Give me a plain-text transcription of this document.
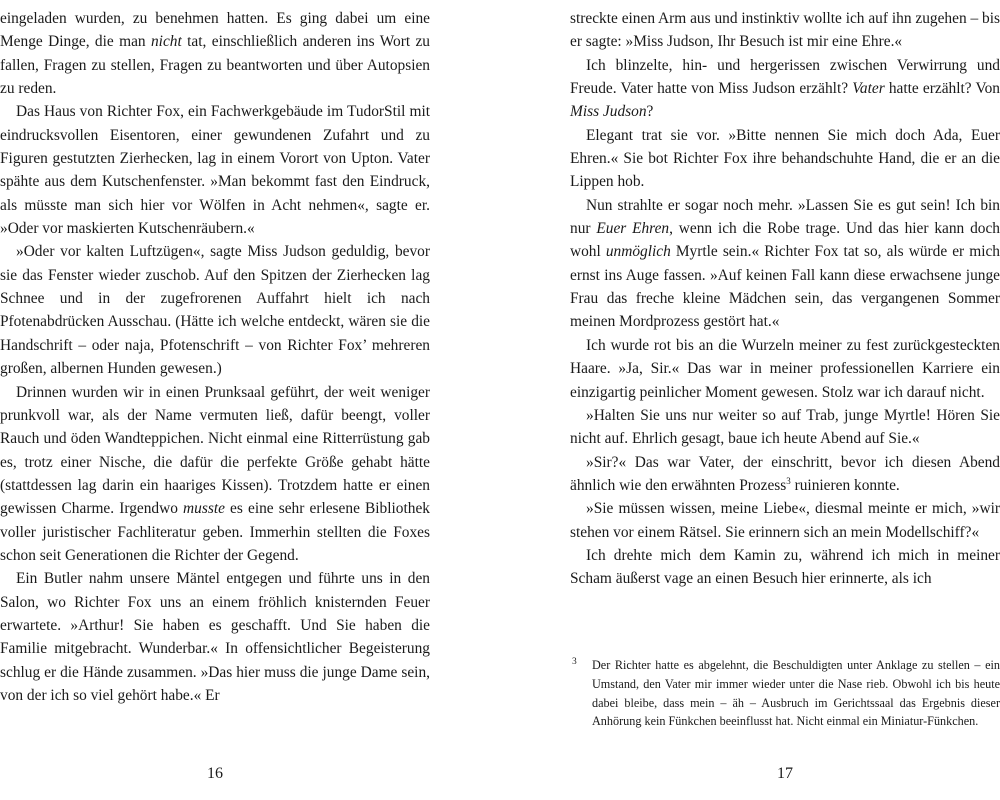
eingeladen wurden, zu benehmen hatten. Es ging dabei um eine Menge Dinge, die man nicht tat, einschließlich anderen ins Wort zu fallen, Fragen zu stellen, Fragen zu beantworten und über Autopsien zu reden.

Das Haus von Richter Fox, ein Fachwerkgebäude im TudorStil mit eindrucksvollen Eisentoren, einer gewundenen Zufahrt und zu Figuren gestutzten Zierhecken, lag in einem Vorort von Upton. Vater spähte aus dem Kutschenfenster. »Man bekommt fast den Eindruck, als müsste man sich hier vor Wölfen in Acht nehmen«, sagte er. »Oder vor maskierten Kutschenräubern.«

»Oder vor kalten Luftzügen«, sagte Miss Judson geduldig, bevor sie das Fenster wieder zuschob. Auf den Spitzen der Zierhecken lag Schnee und in der zugefrorenen Auffahrt hielt ich nach Pfotenabdrücken Ausschau. (Hätte ich welche entdeckt, wären sie die Handschrift – oder naja, Pfotenschrift – von Richter Fox’ mehreren großen, albernen Hunden gewesen.)

Drinnen wurden wir in einen Prunksaal geführt, der weit weniger prunkvoll war, als der Name vermuten ließ, dafür beengt, voller Rauch und öden Wandteppichen. Nicht einmal eine Ritterrüstung gab es, trotz einer Nische, die dafür die perfekte Größe gehabt hätte (stattdessen lag darin ein haariges Kissen). Trotzdem hatte er einen gewissen Charme. Irgendwo musste es eine sehr erlesene Bibliothek voller juristischer Fachliteratur geben. Immerhin stellten die Foxes schon seit Generationen die Richter der Gegend.

Ein Butler nahm unsere Mäntel entgegen und führte uns in den Salon, wo Richter Fox uns an einem fröhlich knisternden Feuer erwartete. »Arthur! Sie haben es geschafft. Und Sie haben die Familie mitgebracht. Wunderbar.« In offensichtlicher Begeisterung schlug er die Hände zusammen. »Das hier muss die junge Dame sein, von der ich so viel gehört habe.« Er

16

streckte einen Arm aus und instinktiv wollte ich auf ihn zugehen – bis er sagte: »Miss Judson, Ihr Besuch ist mir eine Ehre.«

Ich blinzelte, hin- und hergerissen zwischen Verwirrung und Freude. Vater hatte von Miss Judson erzählt? Vater hatte erzählt? Von Miss Judson?

Elegant trat sie vor. »Bitte nennen Sie mich doch Ada, Euer Ehren.« Sie bot Richter Fox ihre behandschuhte Hand, die er an die Lippen hob.

Nun strahlte er sogar noch mehr. »Lassen Sie es gut sein! Ich bin nur Euer Ehren, wenn ich die Robe trage. Und das hier kann doch wohl unmöglich Myrtle sein.« Richter Fox tat so, als würde er mich ernst ins Auge fassen. »Auf keinen Fall kann diese erwachsene junge Frau das freche kleine Mädchen sein, das vergangenen Sommer meinen Mordprozess gestört hat.«

Ich wurde rot bis an die Wurzeln meiner zu fest zurückgesteckten Haare. »Ja, Sir.« Das war in meiner professionellen Karriere ein einzigartig peinlicher Moment gewesen. Stolz war ich darauf nicht.

»Halten Sie uns nur weiter so auf Trab, junge Myrtle! Hören Sie nicht auf. Ehrlich gesagt, baue ich heute Abend auf Sie.«

»Sir?« Das war Vater, der einschritt, bevor ich diesen Abend ähnlich wie den erwähnten Prozess$^3$ ruinieren konnte.

»Sie müssen wissen, meine Liebe«, diesmal meinte er mich, »wir stehen vor einem Rätsel. Sie erinnern sich an mein Modellschiff?«

Ich drehte mich dem Kamin zu, während ich mich in meiner Scham äußerst vage an einen Besuch hier erinnerte, als ich

3 Der Richter hatte es abgelehnt, die Beschuldigten unter Anklage zu stellen – ein Umstand, den Vater mir immer wieder unter die Nase rieb. Obwohl ich bis heute dabei bleibe, dass mein – äh – Ausbruch im Gerichtssaal das Ergebnis dieser Anhörung kein Fünkchen beeinflusst hat. Nicht einmal ein Miniatur-Fünkchen.
17
